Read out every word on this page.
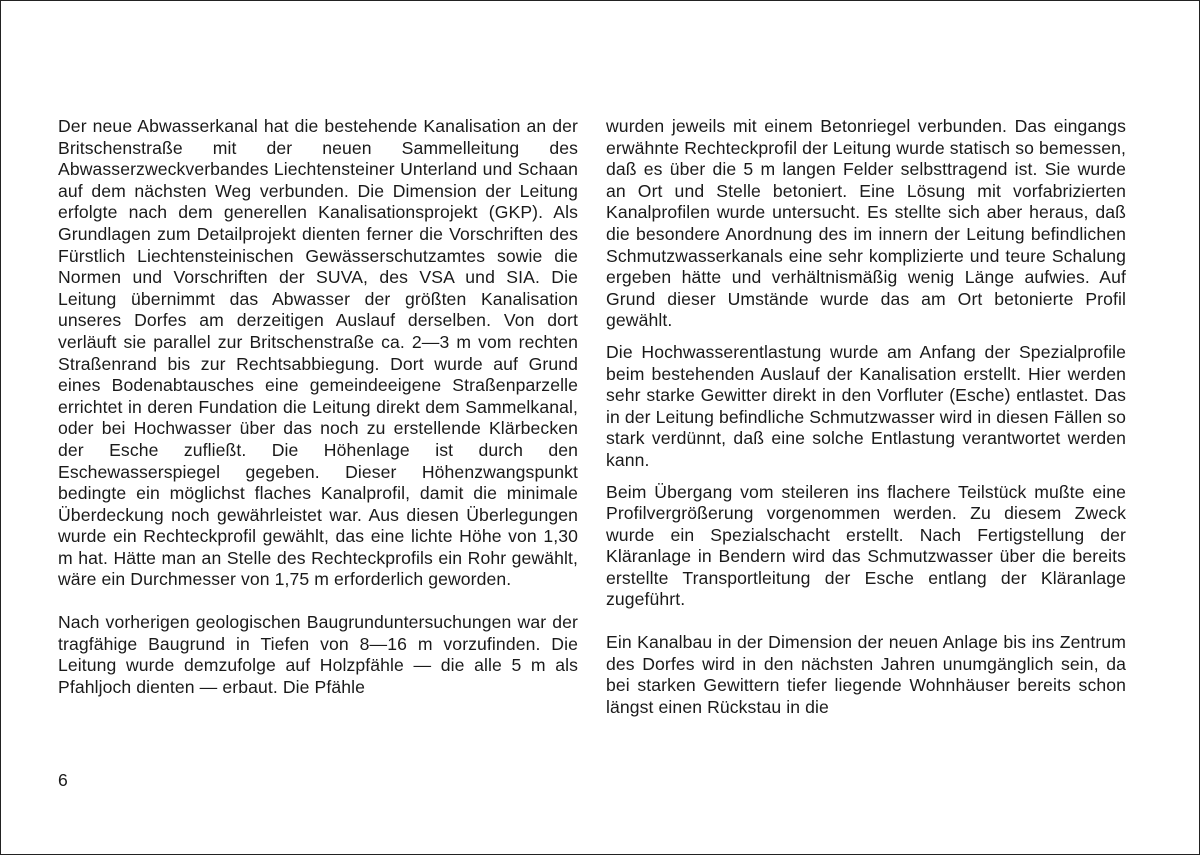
Der neue Abwasserkanal hat die bestehende Kanalisation an der Britschenstraße mit der neuen Sammelleitung des Abwasserzweckverbandes Liechtensteiner Unterland und Schaan auf dem nächsten Weg verbunden. Die Dimension der Leitung erfolgte nach dem generellen Kanalisationsprojekt (GKP). Als Grundlagen zum Detailprojekt dienten ferner die Vorschriften des Fürstlich Liechtensteinischen Gewässerschutzamtes sowie die Normen und Vorschriften der SUVA, des VSA und SIA. Die Leitung übernimmt das Abwasser der größten Kanalisation unseres Dorfes am derzeitigen Auslauf derselben. Von dort verläuft sie parallel zur Britschenstraße ca. 2—3 m vom rechten Straßenrand bis zur Rechtsabbiegung. Dort wurde auf Grund eines Bodenabtausches eine gemeindeeigene Straßenparzelle errichtet in deren Fundation die Leitung direkt dem Sammelkanal, oder bei Hochwasser über das noch zu erstellende Klärbecken der Esche zufließt. Die Höhenlage ist durch den Eschewasserspiegel gegeben. Dieser Höhenzwangspunkt bedingte ein möglichst flaches Kanalprofil, damit die minimale Überdeckung noch gewährleistet war. Aus diesen Überlegungen wurde ein Rechteckprofil gewählt, das eine lichte Höhe von 1,30 m hat. Hätte man an Stelle des Rechteckprofils ein Rohr gewählt, wäre ein Durchmesser von 1,75 m erforderlich geworden.

Nach vorherigen geologischen Baugrunduntersuchungen war der tragfähige Baugrund in Tiefen von 8—16 m vorzufinden. Die Leitung wurde demzufolge auf Holzpfähle — die alle 5 m als Pfahljoch dienten — erbaut. Die Pfähle

wurden jeweils mit einem Betonriegel verbunden. Das eingangs erwähnte Rechteckprofil der Leitung wurde statisch so bemessen, daß es über die 5 m langen Felder selbsttragend ist. Sie wurde an Ort und Stelle betoniert. Eine Lösung mit vorfabrizierten Kanalprofilen wurde untersucht. Es stellte sich aber heraus, daß die besondere Anordnung des im innern der Leitung befindlichen Schmutzwasserkanals eine sehr komplizierte und teure Schalung ergeben hätte und verhältnismäßig wenig Länge aufwies. Auf Grund dieser Umstände wurde das am Ort betonierte Profil gewählt.

Die Hochwasserentlastung wurde am Anfang der Spezialprofile beim bestehenden Auslauf der Kanalisation erstellt. Hier werden sehr starke Gewitter direkt in den Vorfluter (Esche) entlastet. Das in der Leitung befindliche Schmutzwasser wird in diesen Fällen so stark verdünnt, daß eine solche Entlastung verantwortet werden kann.

Beim Übergang vom steileren ins flachere Teilstück mußte eine Profilvergrößerung vorgenommen werden. Zu diesem Zweck wurde ein Spezialschacht erstellt. Nach Fertigstellung der Kläranlage in Bendern wird das Schmutzwasser über die bereits erstellte Transportleitung der Esche entlang der Kläranlage zugeführt.

Ein Kanalbau in der Dimension der neuen Anlage bis ins Zentrum des Dorfes wird in den nächsten Jahren unumgänglich sein, da bei starken Gewittern tiefer liegende Wohnhäuser bereits schon längst einen Rückstau in die

6
